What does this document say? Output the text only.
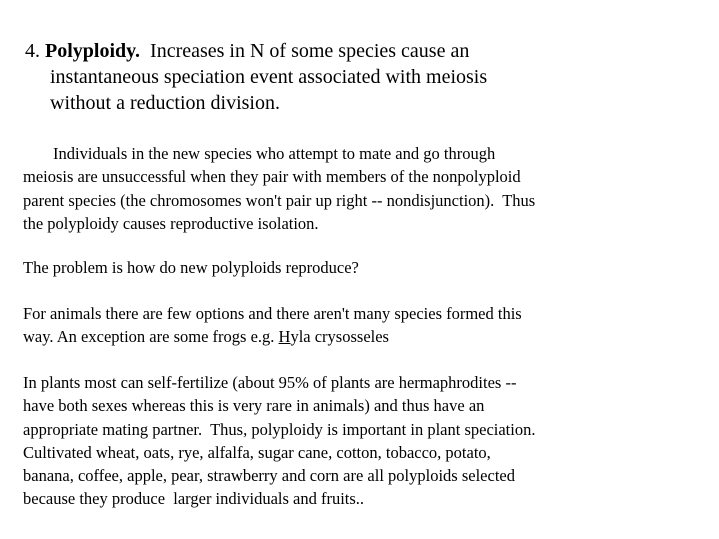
4. Polyploidy.  Increases in N of some species cause an
instantaneous speciation event associated with meiosis
without a reduction division.
Individuals in the new species who attempt to mate and go through
meiosis are unsuccessful when they pair with members of the nonpolyploid
parent species (the chromosomes won't pair up right -- nondisjunction).  Thus
the polyploidy causes reproductive isolation.
The problem is how do new polyploids reproduce?
For animals there are few options and there aren't many species formed this
way. An exception are some frogs e.g. Hyla crysosseles
In plants most can self-fertilize (about 95% of plants are hermaphrodites --
have both sexes whereas this is very rare in animals) and thus have an
appropriate mating partner.  Thus, polyploidy is important in plant speciation.
Cultivated wheat, oats, rye, alfalfa, sugar cane, cotton, tobacco, potato,
banana, coffee, apple, pear, strawberry and corn are all polyploids selected
because they produce  larger individuals and fruits..
